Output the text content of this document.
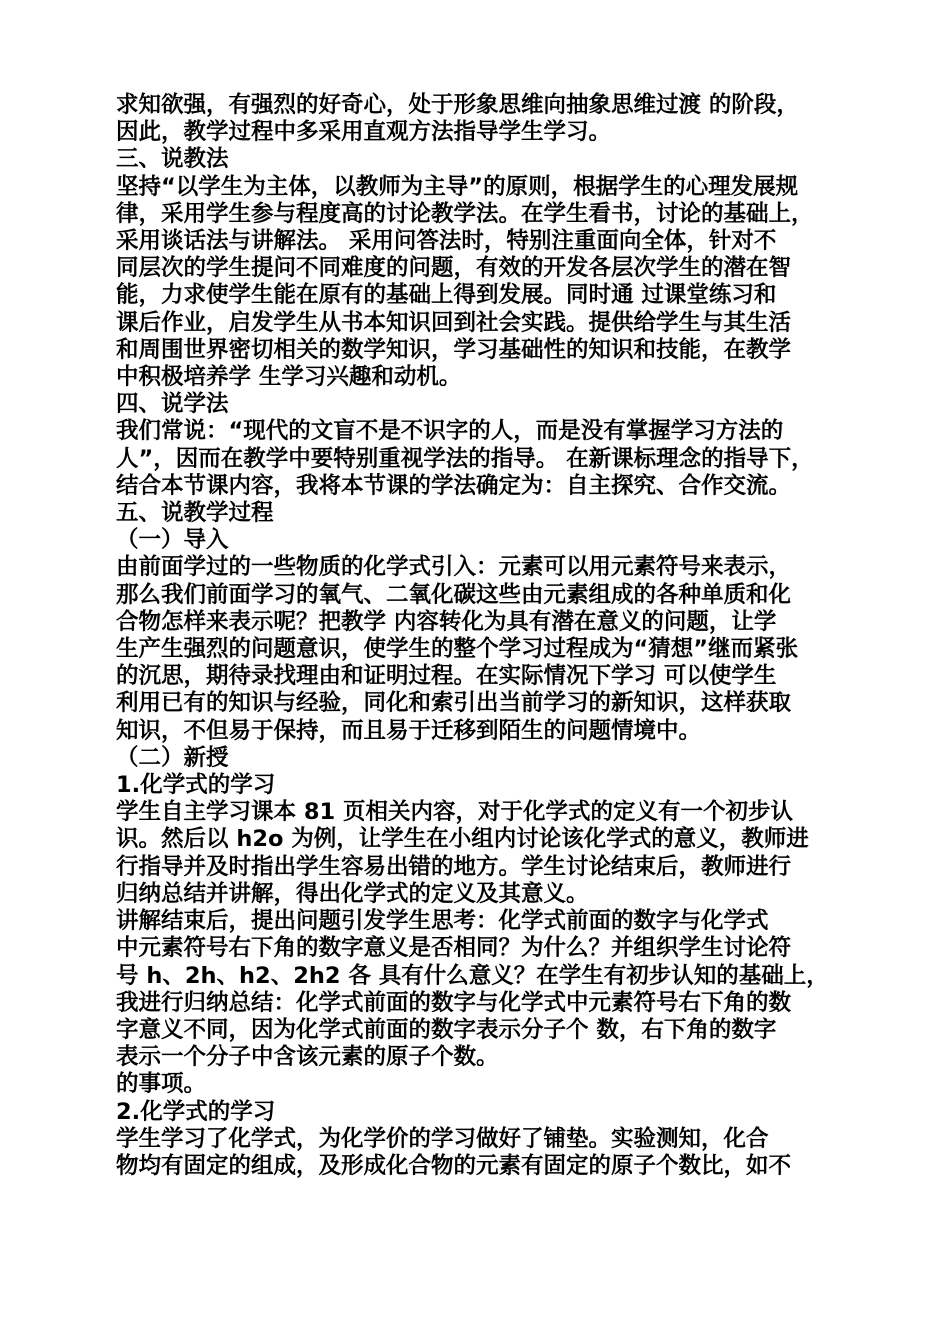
求知欲强，有强烈的好奇心，处于形象思维向抽象思维过渡 的阶段，
因此，教学过程中多采用直观方法指导学生学习。
三、说教法
坚持“以学生为主体，以教师为主导”的原则，根据学生的心理发展规
律，采用学生参与程度高的讨论教学法。在学生看书，讨论的基础上，
采用谈话法与讲解法。 采用问答法时，特别注重面向全体，针对不
同层次的学生提问不同难度的问题，有效的开发各层次学生的潜在智
能，力求使学生能在原有的基础上得到发展。同时通 过课堂练习和
课后作业，启发学生从书本知识回到社会实践。提供给学生与其生活
和周围世界密切相关的数学知识，学习基础性的知识和技能，在教学
中积极培养学 生学习兴趣和动机。
四、说学法
我们常说：“现代的文盲不是不识字的人，而是没有掌握学习方法的
人”，因而在教学中要特别重视学法的指导。 在新课标理念的指导下，
结合本节课内容，我将本节课的学法确定为：自主探究、合作交流。
五、说教学过程
（一）导入
由前面学过的一些物质的化学式引入：元素可以用元素符号来表示，
那么我们前面学习的氧气、二氧化碳这些由元素组成的各种单质和化
合物怎样来表示呢？把教学 内容转化为具有潜在意义的问题，让学
生产生强烈的问题意识，使学生的整个学习过程成为“猜想”继而紧张
的沉思，期待录找理由和证明过程。在实际情况下学习 可以使学生
利用已有的知识与经验，同化和索引出当前学习的新知识，这样获取
知识，不但易于保持，而且易于迁移到陌生的问题情境中。
（二）新授
1.化学式的学习
学生自主学习课本 81 页相关内容，对于化学式的定义有一个初步认
识。然后以 h2o 为例，让学生在小组内讨论该化学式的意义，教师进
行指导并及时指出学生容易出错的地方。学生讨论结束后，教师进行
归纳总结并讲解，得出化学式的定义及其意义。
讲解结束后，提出问题引发学生思考：化学式前面的数字与化学式
中元素符号右下角的数字意义是否相同？为什么？并组织学生讨论符
号 h、2h、h2、2h2 各 具有什么意义？在学生有初步认知的基础上，
我进行归纳总结：化学式前面的数字与化学式中元素符号右下角的数
字意义不同，因为化学式前面的数字表示分子个 数，右下角的数字
表示一个分子中含该元素的原子个数。
的事项。
2.化学式的学习
学生学习了化学式，为化学价的学习做好了铺垫。实验测知，化合
物均有固定的组成，及形成化合物的元素有固定的原子个数比，如不
